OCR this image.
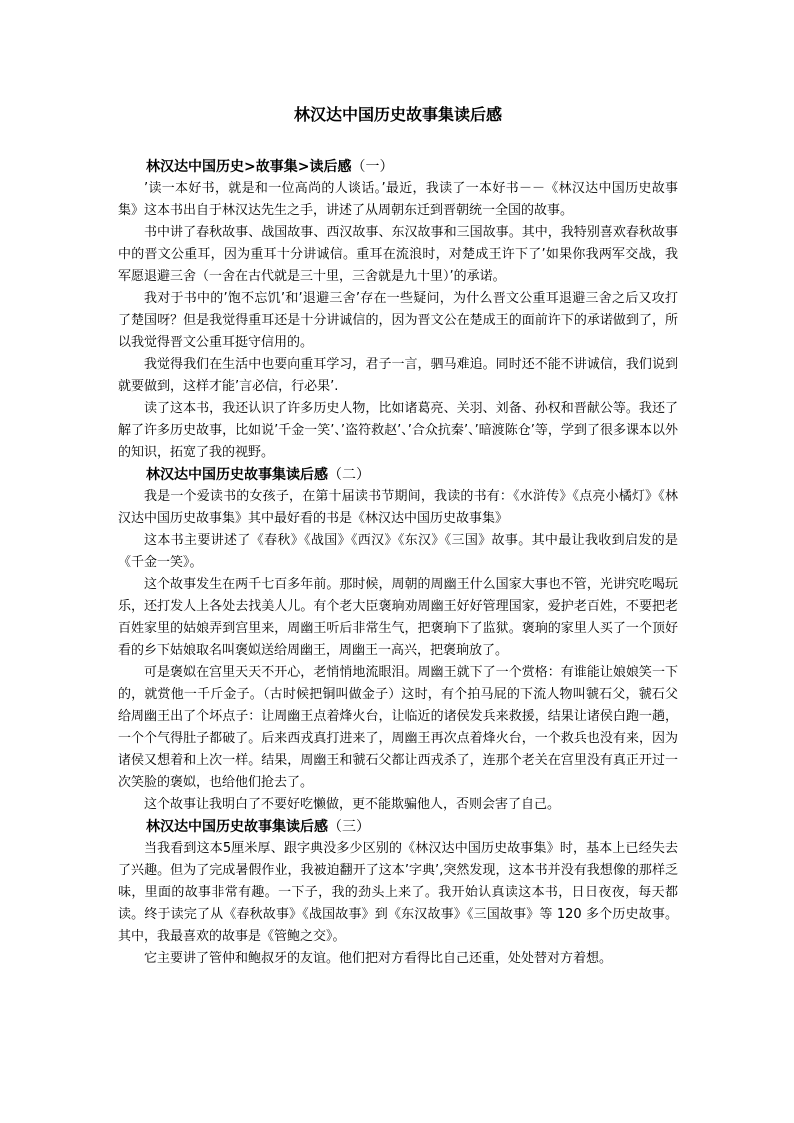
林汉达中国历史故事集读后感

林汉达中国历史>故事集>读后感（一）

’读一本好书，就是和一位高尚的人谈话。’最近，我读了一本好书－－《林汉达中国历史故事集》这本书出自于林汉达先生之手，讲述了从周朝东迁到晋朝统一全国的故事。

书中讲了春秋故事、战国故事、西汉故事、东汉故事和三国故事。其中，我特别喜欢春秋故事中的晋文公重耳，因为重耳十分讲诚信。重耳在流浪时，对楚成王许下了’如果你我两军交战，我军愿退避三舍（一舍在古代就是三十里，三舍就是九十里）’的承诺。

我对于书中的’饱不忘饥’和’退避三舍’存在一些疑问，为什么晋文公重耳退避三舍之后又攻打了楚国呀？但是我觉得重耳还是十分讲诚信的，因为晋文公在楚成王的面前许下的承诺做到了，所以我觉得晋文公重耳挺守信用的。

我觉得我们在生活中也要向重耳学习，君子一言，驷马难追。同时还不能不讲诚信，我们说到就要做到，这样才能’言必信，行必果’.

读了这本书，我还认识了许多历史人物，比如诸葛亮、关羽、刘备、孙权和晋献公等。我还了解了许多历史故事，比如说’千金一笑’、’盗符救赵’、’合众抗秦’、’暗渡陈仓’等，学到了很多课本以外的知识，拓宽了我的视野。

林汉达中国历史故事集读后感（二）

我是一个爱读书的女孩子，在第十届读书节期间，我读的书有：《水浒传》《点亮小橘灯》《林汉达中国历史故事集》其中最好看的书是《林汉达中国历史故事集》

这本书主要讲述了《春秋》《战国》《西汉》《东汉》《三国》故事。其中最让我收到启发的是《千金一笑》。

这个故事发生在两千七百多年前。那时候，周朝的周幽王什么国家大事也不管，光讲究吃喝玩乐，还打发人上各处去找美人儿。有个老大臣褒珦劝周幽王好好管理国家，爱护老百姓，不要把老百姓家里的姑娘弄到宫里来，周幽王听后非常生气，把褒珦下了监狱。褒珦的家里人买了一个顶好看的乡下姑娘取名叫褒姒送给周幽王，周幽王一高兴，把褒珦放了。

可是褒姒在宫里天天不开心，老悄悄地流眼泪。周幽王就下了一个赏格：有谁能让娘娘笑一下的，就赏他一千斤金子。（古时候把铜叫做金子）这时，有个拍马屁的下流人物叫虢石父，虢石父给周幽王出了个坏点子：让周幽王点着烽火台，让临近的诸侯发兵来救援，结果让诸侯白跑一趟，一个个气得肚子都破了。后来西戎真打进来了，周幽王再次点着烽火台，一个救兵也没有来，因为诸侯又想着和上次一样。结果，周幽王和虢石父都让西戎杀了，连那个老关在宫里没有真正开过一次笑脸的褒姒，也给他们抢去了。

这个故事让我明白了不要好吃懒做，更不能欺骗他人，否则会害了自己。

林汉达中国历史故事集读后感（三）

当我看到这本5厘米厚、跟字典没多少区别的《林汉达中国历史故事集》时，基本上已经失去了兴趣。但为了完成暑假作业，我被迫翻开了这本’字典’,突然发现，这本书并没有我想像的那样乏味，里面的故事非常有趣。一下子，我的劲头上来了。我开始认真读这本书，日日夜夜，每天都读。终于读完了从《春秋故事》《战国故事》到《东汉故事》《三国故事》等 120 多个历史故事。其中，我最喜欢的故事是《管鲍之交》。

它主要讲了管仲和鲍叔牙的友谊。他们把对方看得比自己还重，处处替对方着想。
